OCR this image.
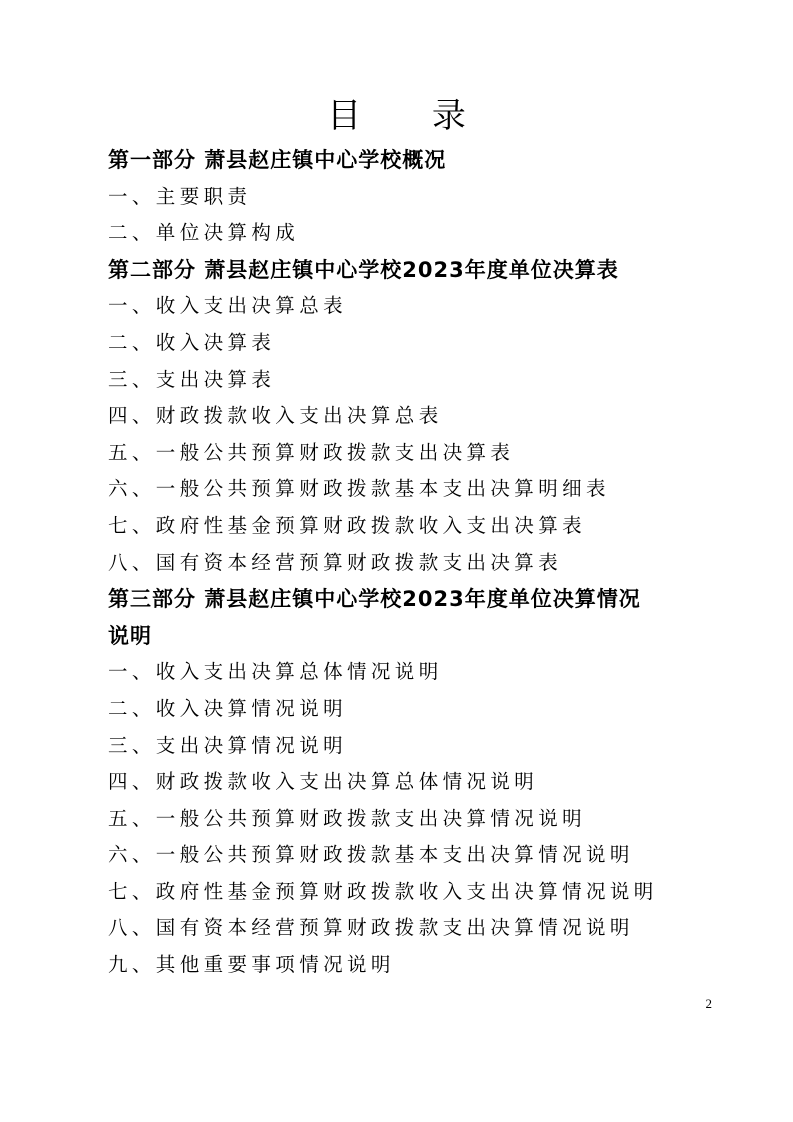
目 录
第一部分 萧县赵庄镇中心学校概况
一、主要职责
二、单位决算构成
第二部分 萧县赵庄镇中心学校2023年度单位决算表
一、收入支出决算总表
二、收入决算表
三、支出决算表
四、财政拨款收入支出决算总表
五、一般公共预算财政拨款支出决算表
六、一般公共预算财政拨款基本支出决算明细表
七、政府性基金预算财政拨款收入支出决算表
八、国有资本经营预算财政拨款支出决算表
第三部分 萧县赵庄镇中心学校2023年度单位决算情况
说明
一、收入支出决算总体情况说明
二、收入决算情况说明
三、支出决算情况说明
四、财政拨款收入支出决算总体情况说明
五、一般公共预算财政拨款支出决算情况说明
六、一般公共预算财政拨款基本支出决算情况说明
七、政府性基金预算财政拨款收入支出决算情况说明
八、国有资本经营预算财政拨款支出决算情况说明
九、其他重要事项情况说明
2
